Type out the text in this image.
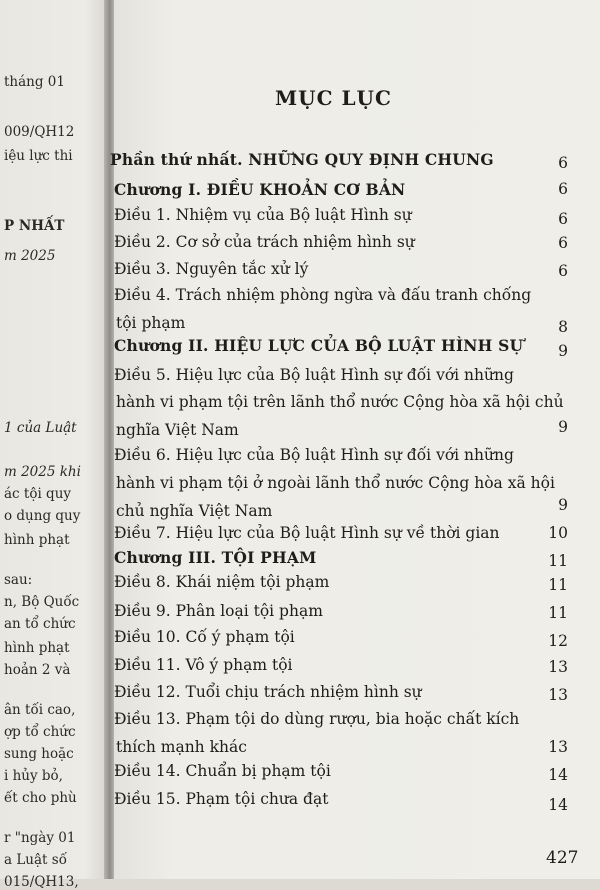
tháng 01
009/QH12
iệu lực thi
P NHẤT
m 2025
1 của Luật
m 2025 khi
ác tội quy
o dụng quy
hình phạt
sau:
n, Bộ Quốc
an tổ chức
hình phạt
hoản 2 và
ân tối cao,
ợp tổ chức
sung hoặc
i hủy bỏ,
ết cho phù
r "ngày 01
a Luật số
015/QH13,
MỤC LỤC
Phần thứ nhất. NHỮNG QUY ĐỊNH CHUNG	6
Chương I. ĐIỀU KHOẢN CƠ BẢN	6
Điều 1. Nhiệm vụ của Bộ luật Hình sự	6
Điều 2. Cơ sở của trách nhiệm hình sự	6
Điều 3. Nguyên tắc xử lý	6
Điều 4. Trách nhiệm phòng ngừa và đấu tranh chống
tội phạm	8
Chương II. HIỆU LỰC CỦA BỘ LUẬT HÌNH SỰ	9
Điều 5. Hiệu lực của Bộ luật Hình sự đối với những
hành vi phạm tội trên lãnh thổ nước Cộng hòa xã hội chủ
nghĩa Việt Nam	9
Điều 6. Hiệu lực của Bộ luật Hình sự đối với những
hành vi phạm tội ở ngoài lãnh thổ nước Cộng hòa xã hội
chủ nghĩa Việt Nam	9
Điều 7. Hiệu lực của Bộ luật Hình sự về thời gian	10
Chương III. TỘI PHẠM	11
Điều 8. Khái niệm tội phạm	11
Điều 9. Phân loại tội phạm	11
Điều 10. Cố ý phạm tội	12
Điều 11. Vô ý phạm tội	13
Điều 12. Tuổi chịu trách nhiệm hình sự	13
Điều 13. Phạm tội do dùng rượu, bia hoặc chất kích
thích mạnh khác	13
Điều 14. Chuẩn bị phạm tội	14
Điều 15. Phạm tội chưa đạt	14
427
